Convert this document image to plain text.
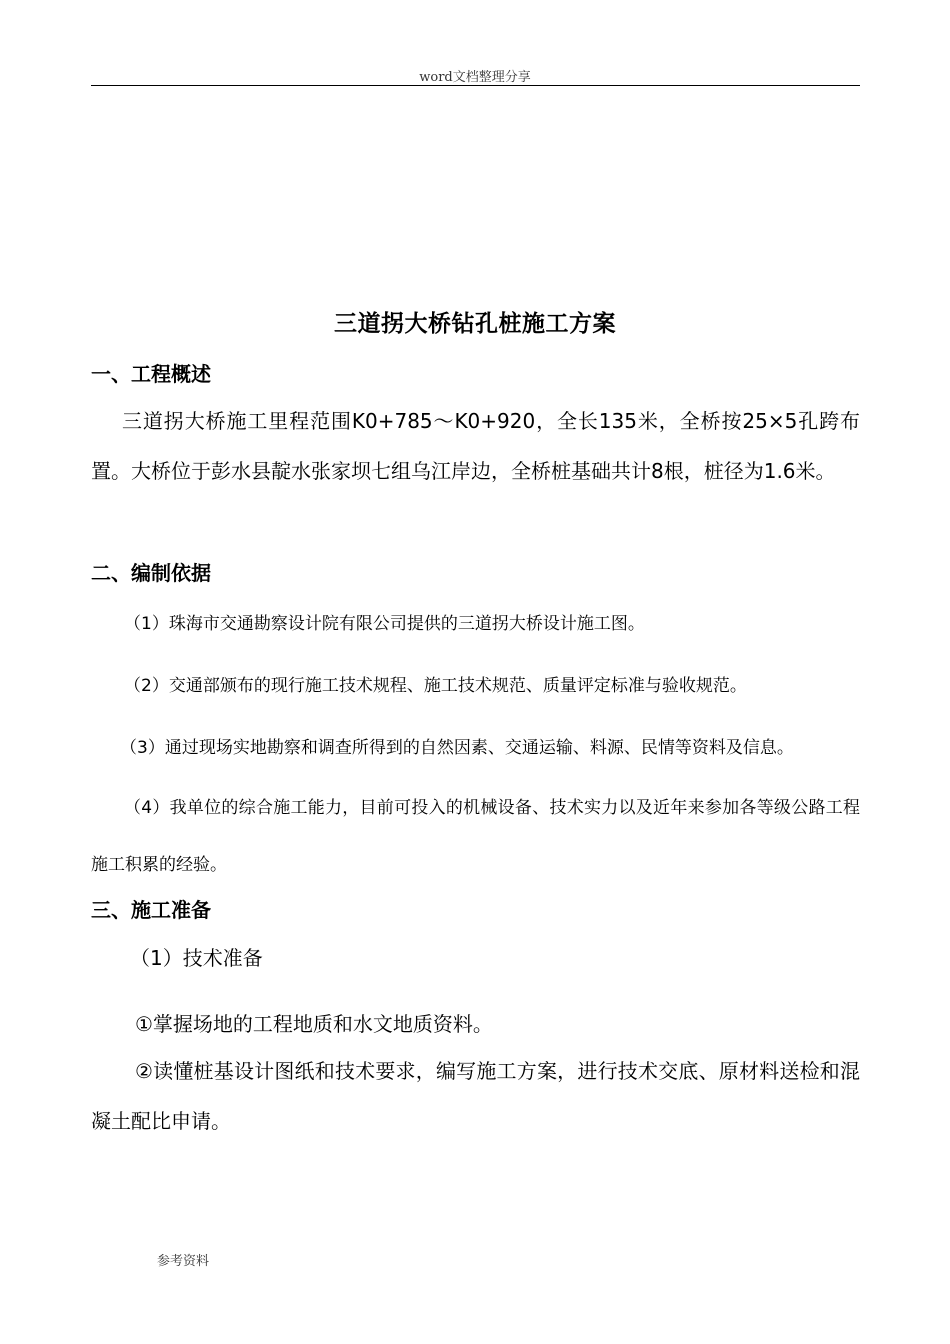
word文档整理分享
三道拐大桥钻孔桩施工方案
一、工程概述
三道拐大桥施工里程范围K0+785～K0+920，全长135米，全桥按25×5孔跨布置。大桥位于彭水县靛水张家坝七组乌江岸边，全桥桩基础共计8根，桩径为1.6米。
二、编制依据
（1）珠海市交通勘察设计院有限公司提供的三道拐大桥设计施工图。
（2）交通部颁布的现行施工技术规程、施工技术规范、质量评定标准与验收规范。
（3）通过现场实地勘察和调查所得到的自然因素、交通运输、料源、民情等资料及信息。
（4）我单位的综合施工能力，目前可投入的机械设备、技术实力以及近年来参加各等级公路工程施工积累的经验。
三、施工准备
（1）技术准备
①掌握场地的工程地质和水文地质资料。
②读懂桩基设计图纸和技术要求，编写施工方案，进行技术交底、原材料送检和混凝土配比申请。
参考资料
